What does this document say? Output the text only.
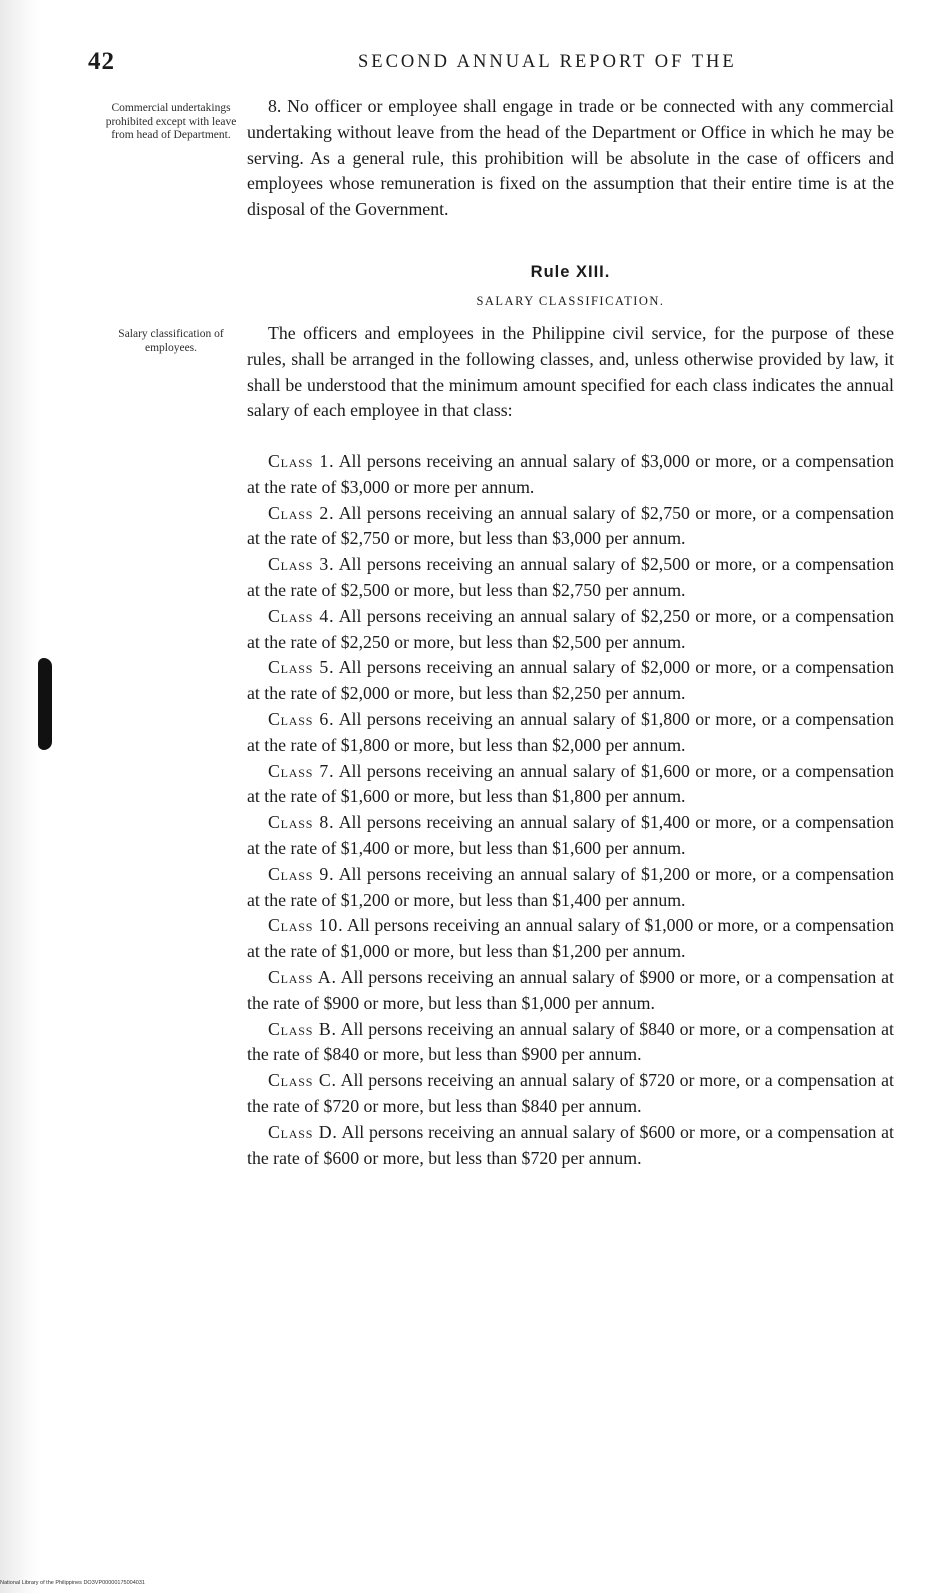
42	SECOND ANNUAL REPORT OF THE
Commercial undertakings prohibited except with leave from head of Department.
Salary classification of employees.

8. No officer or employee shall engage in trade or be connected with any commercial undertaking without leave from the head of the Department or Office in which he may be serving. As a general rule, this prohibition will be absolute in the case of officers and employees whose remuneration is fixed on the assumption that their entire time is at the disposal of the Government.

Rule XIII.
SALARY CLASSIFICATION.

The officers and employees in the Philippine civil service, for the purpose of these rules, shall be arranged in the following classes, and, unless otherwise provided by law, it shall be understood that the minimum amount specified for each class indicates the annual salary of each employee in that class:

Class 1. All persons receiving an annual salary of $3,000 or more, or a compensation at the rate of $3,000 or more per annum.

Class 2. All persons receiving an annual salary of $2,750 or more, or a compensation at the rate of $2,750 or more, but less than $3,000 per annum.

Class 3. All persons receiving an annual salary of $2,500 or more, or a compensation at the rate of $2,500 or more, but less than $2,750 per annum.

Class 4. All persons receiving an annual salary of $2,250 or more, or a compensation at the rate of $2,250 or more, but less than $2,500 per annum.

Class 5. All persons receiving an annual salary of $2,000 or more, or a compensation at the rate of $2,000 or more, but less than $2,250 per annum.

Class 6. All persons receiving an annual salary of $1,800 or more, or a compensation at the rate of $1,800 or more, but less than $2,000 per annum.

Class 7. All persons receiving an annual salary of $1,600 or more, or a compensation at the rate of $1,600 or more, but less than $1,800 per annum.

Class 8. All persons receiving an annual salary of $1,400 or more, or a compensation at the rate of $1,400 or more, but less than $1,600 per annum.

Class 9. All persons receiving an annual salary of $1,200 or more, or a compensation at the rate of $1,200 or more, but less than $1,400 per annum.

Class 10. All persons receiving an annual salary of $1,000 or more, or a compensation at the rate of $1,000 or more, but less than $1,200 per annum.

Class A. All persons receiving an annual salary of $900 or more, or a compensation at the rate of $900 or more, but less than $1,000 per annum.

Class B. All persons receiving an annual salary of $840 or more, or a compensation at the rate of $840 or more, but less than $900 per annum.

Class C. All persons receiving an annual salary of $720 or more, or a compensation at the rate of $720 or more, but less than $840 per annum.

Class D. All persons receiving an annual salary of $600 or more, or a compensation at the rate of $600 or more, but less than $720 per annum.

National Library of the Philippines DO3VP00000175004031
